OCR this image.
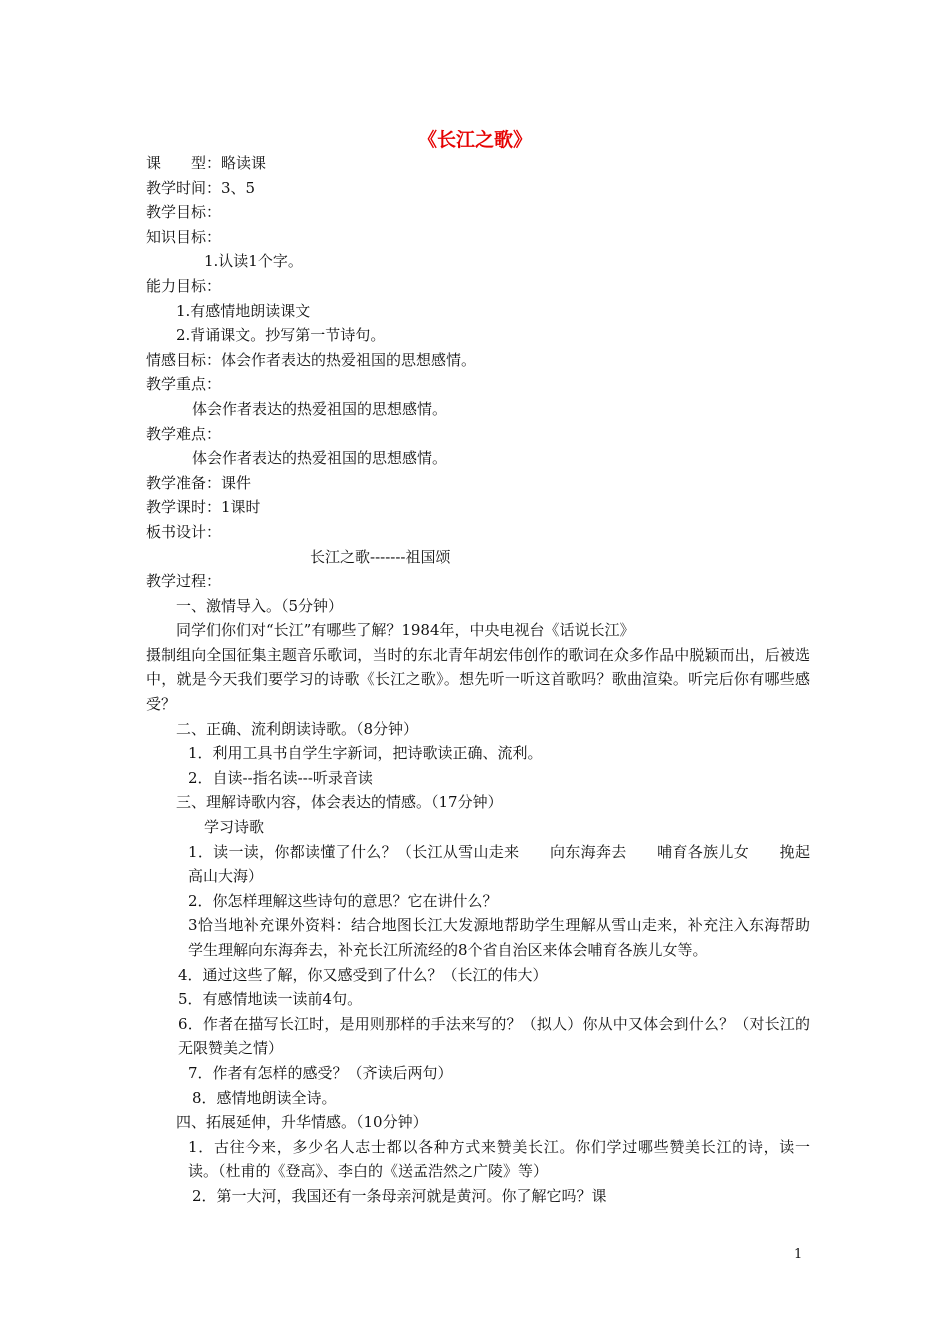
《长江之歌》

课　　型：略读课

教学时间：3、5

教学目标：

知识目标：

1.认读1个字。

能力目标：

1.有感情地朗读课文

2.背诵课文。抄写第一节诗句。

情感目标：体会作者表达的热爱祖国的思想感情。

教学重点：

体会作者表达的热爱祖国的思想感情。

教学难点：

体会作者表达的热爱祖国的思想感情。

教学准备：课件

教学课时：1课时

板书设计：

长江之歌-------祖国颂

教学过程：

一、激情导入。（5分钟）

同学们你们对“长江”有哪些了解？1984年，中央电视台《话说长江》

摄制组向全国征集主题音乐歌词，当时的东北青年胡宏伟创作的歌词在众多作品中脱颖而出，后被选中，就是今天我们要学习的诗歌《长江之歌》。想先听一听这首歌吗？歌曲渲染。听完后你有哪些感受？

二、正确、流利朗读诗歌。（8分钟）

1．利用工具书自学生字新词，把诗歌读正确、流利。

2．自读--指名读---听录音读

三、理解诗歌内容，体会表达的情感。（17分钟）

学习诗歌

1．读一读，你都读懂了什么？（长江从雪山走来　　向东海奔去　　哺育各族儿女　　挽起高山大海）

2．你怎样理解这些诗句的意思？它在讲什么？

3恰当地补充课外资料：结合地图长江大发源地帮助学生理解从雪山走来，补充注入东海帮助学生理解向东海奔去，补充长江所流经的8个省自治区来体会哺育各族儿女等。

4．通过这些了解，你又感受到了什么？（长江的伟大）

5．有感情地读一读前4句。

6．作者在描写长江时，是用则那样的手法来写的？（拟人）你从中又体会到什么？（对长江的无限赞美之情）

7．作者有怎样的感受？（齐读后两句）

8．感情地朗读全诗。

四、拓展延伸，升华情感。（10分钟）

1．古往今来，多少名人志士都以各种方式来赞美长江。你们学过哪些赞美长江的诗，读一读。（杜甫的《登高》、李白的《送孟浩然之广陵》等）

2．第一大河，我国还有一条母亲河就是黄河。你了解它吗？课

1
